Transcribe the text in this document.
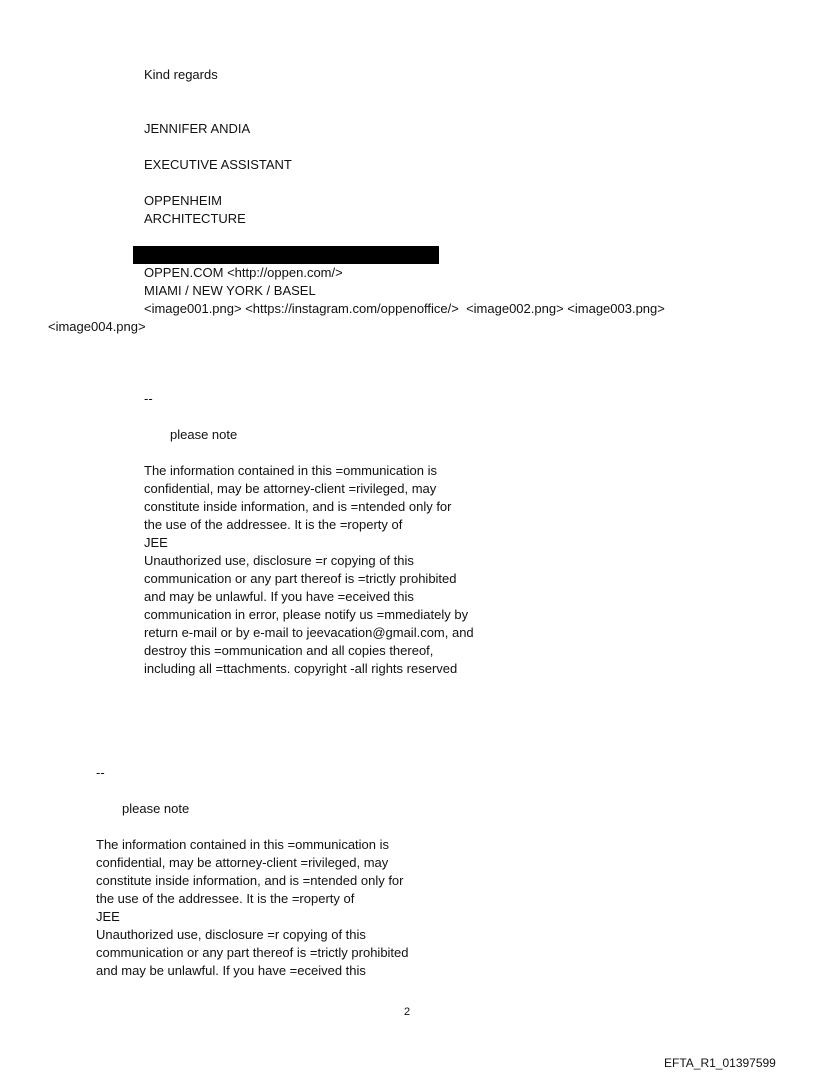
Kind regards

JENNIFER ANDIA

EXECUTIVE ASSISTANT

OPPENHEIM

ARCHITECTURE

OPPEN.COM <http://oppen.com/>

MIAMI / NEW YORK / BASEL

<image001.png> <https://instagram.com/oppenoffice/>  <image002.png> <image003.png>

<image004.png>

--

please note

The information contained in this =ommunication is
confidential, may be attorney-client =rivileged, may
constitute inside information, and is =ntended only for
the use of the addressee. It is the =roperty of
JEE
Unauthorized use, disclosure =r copying of this
communication or any part thereof is =trictly prohibited
and may be unlawful. If you have =eceived this
communication in error, please notify us =mmediately by
return e-mail or by e-mail to jeevacation@gmail.com, and
destroy this =ommunication and all copies thereof,
including all =ttachments. copyright -all rights reserved

--

please note

The information contained in this =ommunication is
confidential, may be attorney-client =rivileged, may
constitute inside information, and is =ntended only for
the use of the addressee. It is the =roperty of
JEE
Unauthorized use, disclosure =r copying of this
communication or any part thereof is =trictly prohibited
and may be unlawful. If you have =eceived this

2

EFTA_R1_01397599
